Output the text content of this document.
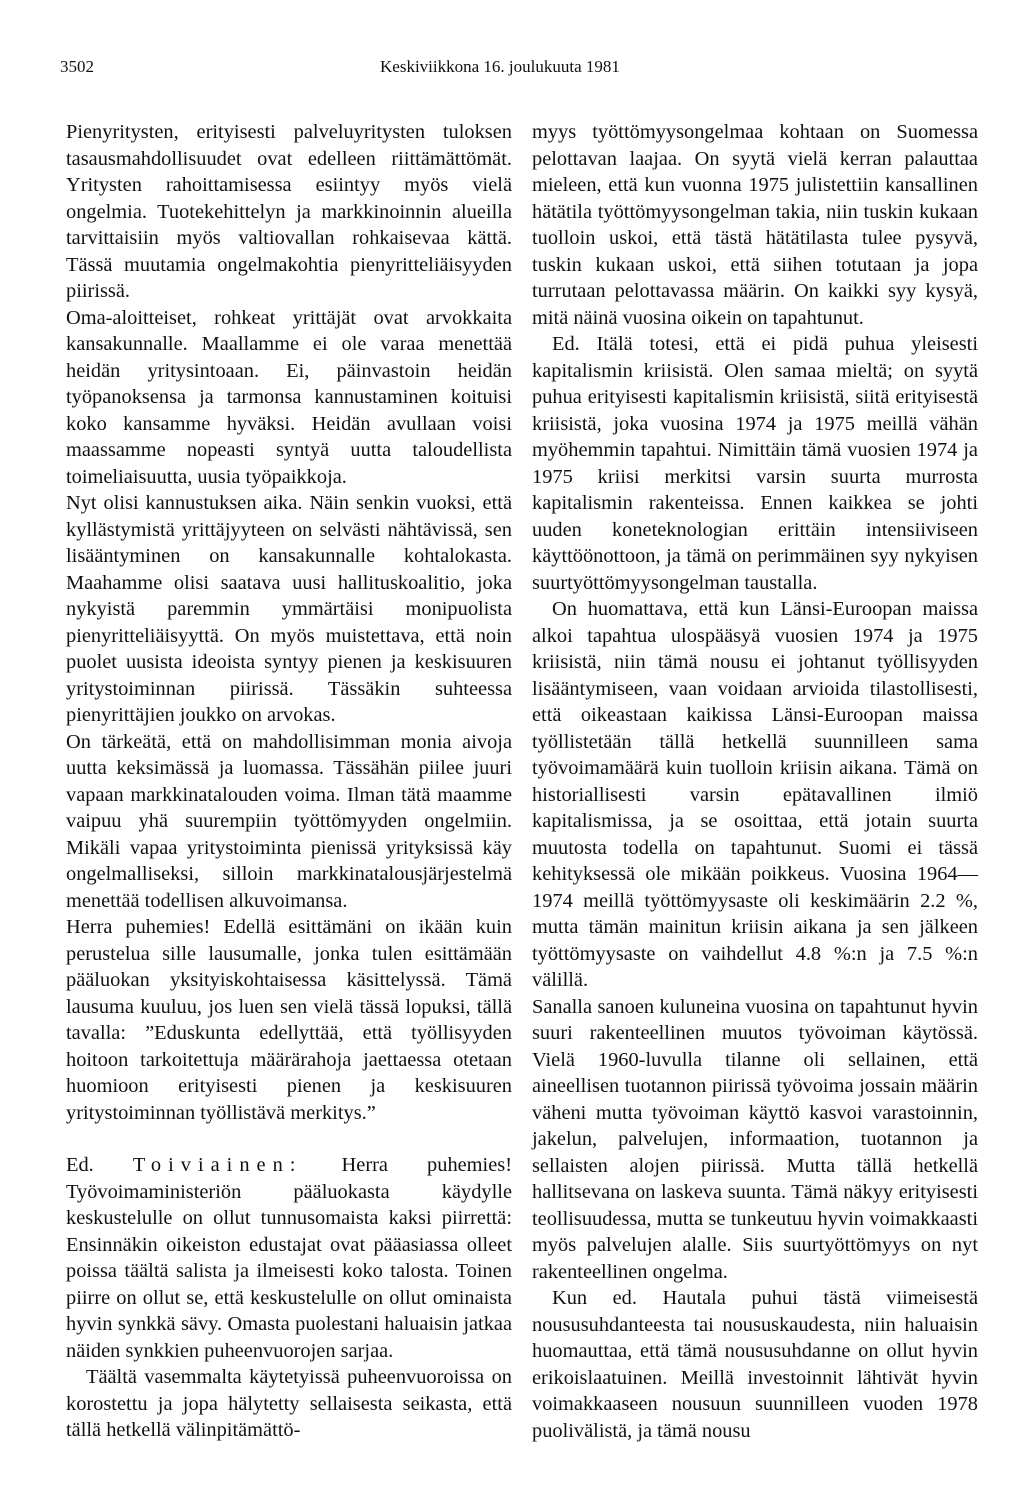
3502	Keskiviikkona 16. joulukuuta 1981

Pienyritysten, erityisesti palveluyritysten tuloksen tasausmahdollisuudet ovat edelleen riittämättömät. Yritysten rahoittamisessa esiintyy myös vielä ongelmia. Tuotekehittelyn ja markkinoinnin alueilla tarvittaisiin myös valtiovallan rohkaisevaa kättä. Tässä muutamia ongelmakohtia pienyritteliäisyyden piirissä.

Oma-aloitteiset, rohkeat yrittäjät ovat arvokkaita kansakunnalle. Maallamme ei ole varaa menettää heidän yritysintoaan. Ei, päinvastoin heidän työpanoksensa ja tarmonsa kannustaminen koituisi koko kansamme hyväksi. Heidän avullaan voisi maassamme nopeasti syntyä uutta taloudellista toimeliaisuutta, uusia työpaikkoja.

Nyt olisi kannustuksen aika. Näin senkin vuoksi, että kyllästymistä yrittäjyyteen on selvästi nähtävissä, sen lisääntyminen on kansakunnalle kohtalokasta. Maahamme olisi saatava uusi hallituskoalitio, joka nykyistä paremmin ymmärtäisi monipuolista pienyritteliäisyyttä. On myös muistettava, että noin puolet uusista ideoista syntyy pienen ja keskisuuren yritystoiminnan piirissä. Tässäkin suhteessa pienyrittäjien joukko on arvokas.

On tärkeätä, että on mahdollisimman monia aivoja uutta keksimässä ja luomassa. Tässähän piilee juuri vapaan markkinatalouden voima. Ilman tätä maamme vaipuu yhä suurempiin työttömyyden ongelmiin. Mikäli vapaa yritystoiminta pienissä yrityksissä käy ongelmalliseksi, silloin markkinatalousjärjestelmä menettää todellisen alkuvoimansa.

Herra puhemies! Edellä esittämäni on ikään kuin perustelua sille lausumalle, jonka tulen esittämään pääluokan yksityiskohtaisessa käsittelyssä. Tämä lausuma kuuluu, jos luen sen vielä tässä lopuksi, tällä tavalla: ”Eduskunta edellyttää, että työllisyyden hoitoon tarkoitettuja määrärahoja jaettaessa otetaan huomioon erityisesti pienen ja keskisuuren yritystoiminnan työllistävä merkitys.”

Ed. Toiviainen: Herra puhemies! Työvoimaministeriön pääluokasta käydylle keskustelulle on ollut tunnusomaista kaksi piirrettä: Ensinnäkin oikeiston edustajat ovat pääasiassa olleet poissa täältä salista ja ilmeisesti koko talosta. Toinen piirre on ollut se, että keskustelulle on ollut ominaista hyvin synkkä sävy. Omasta puolestani haluaisin jatkaa näiden synkkien puheenvuorojen sarjaa.

Täältä vasemmalta käytetyissä puheenvuoroissa on korostettu ja jopa hälytetty sellaisesta seikasta, että tällä hetkellä välinpitämättö-

myys työttömyysongelmaa kohtaan on Suomessa pelottavan laajaa. On syytä vielä kerran palauttaa mieleen, että kun vuonna 1975 julistettiin kansallinen hätätila työttömyysongelman takia, niin tuskin kukaan tuolloin uskoi, että tästä hätätilasta tulee pysyvä, tuskin kukaan uskoi, että siihen totutaan ja jopa turrutaan pelottavassa määrin. On kaikki syy kysyä, mitä näinä vuosina oikein on tapahtunut.

Ed. Itälä totesi, että ei pidä puhua yleisesti kapitalismin kriisistä. Olen samaa mieltä; on syytä puhua erityisesti kapitalismin kriisistä, siitä erityisestä kriisistä, joka vuosina 1974 ja 1975 meillä vähän myöhemmin tapahtui. Nimittäin tämä vuosien 1974 ja 1975 kriisi merkitsi varsin suurta murrosta kapitalismin rakenteissa. Ennen kaikkea se johti uuden koneteknologian erittäin intensiiviseen käyttöönottoon, ja tämä on perimmäinen syy nykyisen suurtyöttömyysongelman taustalla.

On huomattava, että kun Länsi-Euroopan maissa alkoi tapahtua ulospääsyä vuosien 1974 ja 1975 kriisistä, niin tämä nousu ei johtanut työllisyyden lisääntymiseen, vaan voidaan arvioida tilastollisesti, että oikeastaan kaikissa Länsi-Euroopan maissa työllistetään tällä hetkellä suunnilleen sama työvoimamäärä kuin tuolloin kriisin aikana. Tämä on historiallisesti varsin epätavallinen ilmiö kapitalismissa, ja se osoittaa, että jotain suurta muutosta todella on tapahtunut. Suomi ei tässä kehityksessä ole mikään poikkeus. Vuosina 1964—1974 meillä työttömyysaste oli keskimäärin 2.2 %, mutta tämän mainitun kriisin aikana ja sen jälkeen työttömyysaste on vaihdellut 4.8 %:n ja 7.5 %:n välillä.

Sanalla sanoen kuluneina vuosina on tapahtunut hyvin suuri rakenteellinen muutos työvoiman käytössä. Vielä 1960-luvulla tilanne oli sellainen, että aineellisen tuotannon piirissä työvoima jossain määrin väheni mutta työvoiman käyttö kasvoi varastoinnin, jakelun, palvelujen, informaation, tuotannon ja sellaisten alojen piirissä. Mutta tällä hetkellä hallitsevana on laskeva suunta. Tämä näkyy erityisesti teollisuudessa, mutta se tunkeutuu hyvin voimakkaasti myös palvelujen alalle. Siis suurtyöttömyys on nyt rakenteellinen ongelma.

Kun ed. Hautala puhui tästä viimeisestä noususuhdanteesta tai noususkaudesta, niin haluaisin huomauttaa, että tämä noususuhdanne on ollut hyvin erikoislaatuinen. Meillä investoinnit lähtivät hyvin voimakkaaseen nousuun suunnilleen vuoden 1978 puolivälistä, ja tämä nousu
